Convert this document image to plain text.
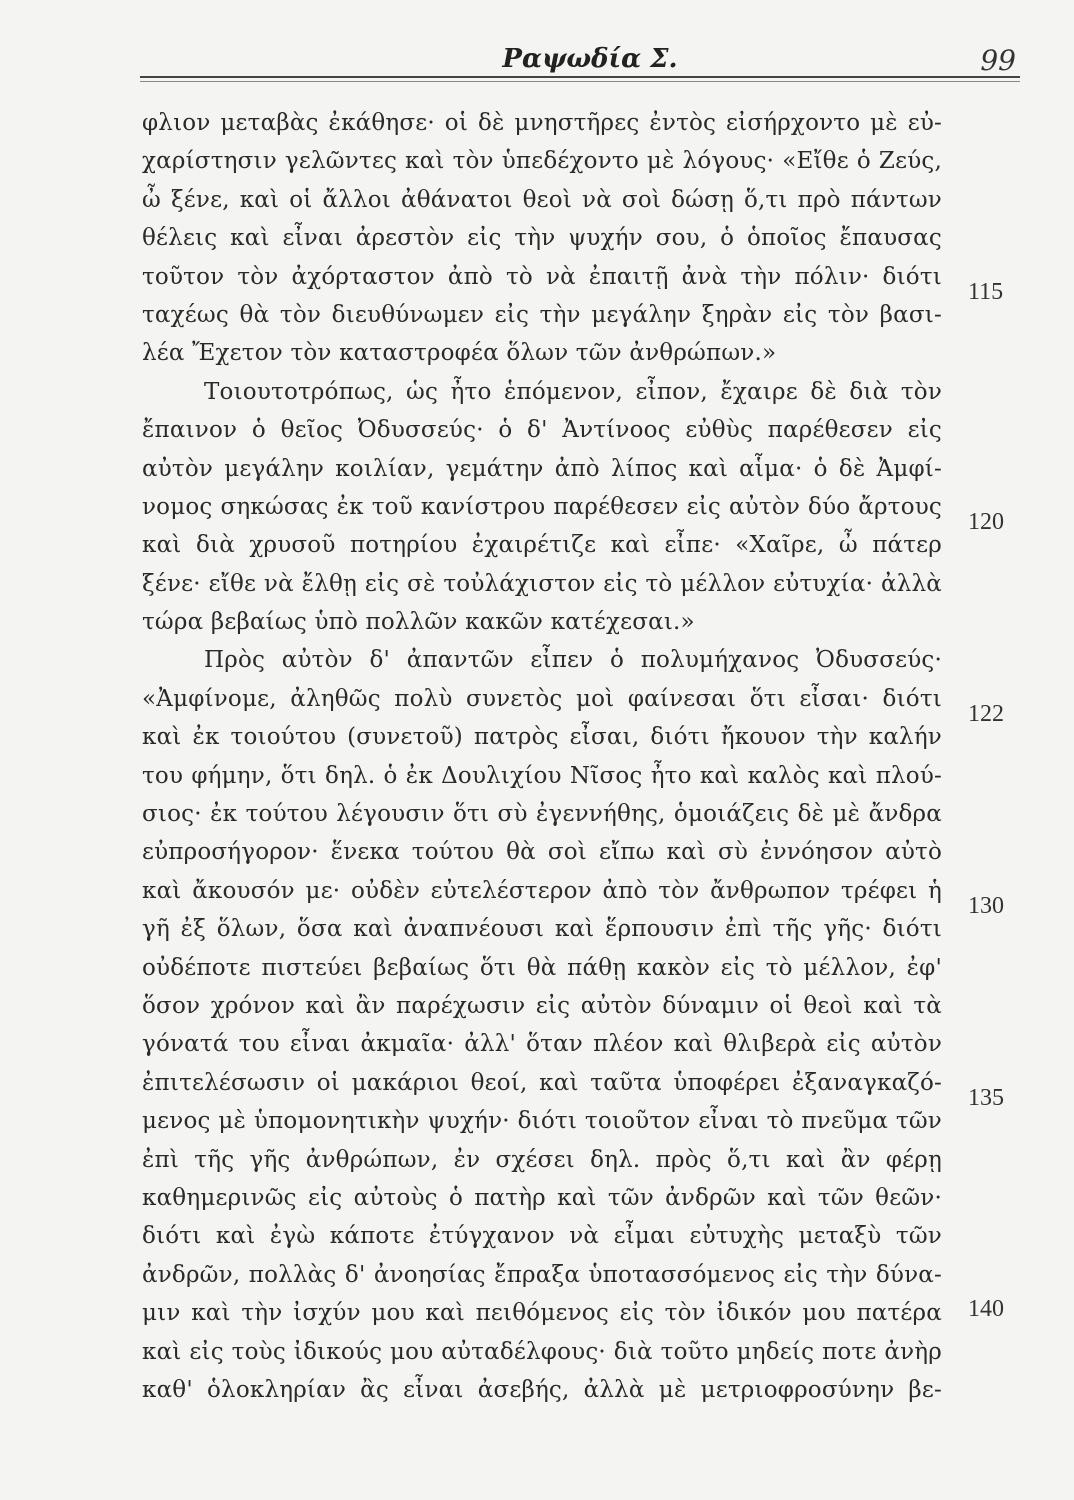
Ραψωδία Σ.	99
φλιον μεταβὰς ἐκάθησε· οἱ δὲ μνηστῆρες ἐντὸς εἰσήρχοντο μὲ εὐ-
χαρίστησιν γελῶντες καὶ τὸν ὑπεδέχοντο μὲ λόγους· «Εἴθε ὁ Ζεύς,
ὦ ξένε, καὶ οἱ ἄλλοι ἀθάνατοι θεοὶ νὰ σοὶ δώσῃ ὅ,τι πρὸ πάντων
θέλεις καὶ εἶναι ἀρεστὸν εἰς τὴν ψυχήν σου, ὁ ὁποῖος ἔπαυσας
τοῦτον τὸν ἀχόρταστον ἀπὸ τὸ νὰ ἐπαιτῇ ἀνὰ τὴν πόλιν· διότι
ταχέως θὰ τὸν διευθύνωμεν εἰς τὴν μεγάλην ξηρὰν εἰς τὸν βασι-
λέα Ἔχετον τὸν καταστροφέα ὅλων τῶν ἀνθρώπων.»
Τοιουτοτρόπως, ὡς ἦτο ἑπόμενον, εἶπον, ἔχαιρε δὲ διὰ τὸν
ἔπαινον ὁ θεῖος Ὀδυσσεύς· ὁ δ' Ἀντίνοος εὐθὺς παρέθεσεν εἰς
αὐτὸν μεγάλην κοιλίαν, γεμάτην ἀπὸ λίπος καὶ αἷμα· ὁ δὲ Ἀμφί-
νομος σηκώσας ἐκ τοῦ κανίστρου παρέθεσεν εἰς αὐτὸν δύο ἄρτους
καὶ διὰ χρυσοῦ ποτηρίου ἐχαιρέτιζε καὶ εἶπε· «Χαῖρε, ὦ πάτερ
ξένε· εἴθε νὰ ἔλθῃ εἰς σὲ τοὐλάχιστον εἰς τὸ μέλλον εὐτυχία· ἀλλὰ
τώρα βεβαίως ὑπὸ πολλῶν κακῶν κατέχεσαι.»
Πρὸς αὐτὸν δ' ἀπαντῶν εἶπεν ὁ πολυμήχανος Ὀδυσσεύς·
«Ἀμφίνομε, ἀληθῶς πολὺ συνετὸς μοὶ φαίνεσαι ὅτι εἶσαι· διότι
καὶ ἐκ τοιούτου (συνετοῦ) πατρὸς εἶσαι, διότι ἤκουον τὴν καλήν
του φήμην, ὅτι δηλ. ὁ ἐκ Δουλιχίου Νῖσος ἦτο καὶ καλὸς καὶ πλού-
σιος· ἐκ τούτου λέγουσιν ὅτι σὺ ἐγεννήθης, ὁμοιάζεις δὲ μὲ ἄνδρα
εὐπροσήγορον· ἕνεκα τούτου θὰ σοὶ εἴπω καὶ σὺ ἐννόησον αὐτὸ
καὶ ἄκουσόν με· οὐδὲν εὐτελέστερον ἀπὸ τὸν ἄνθρωπον τρέφει ἡ
γῆ ἐξ ὅλων, ὅσα καὶ ἀναπνέουσι καὶ ἕρπουσιν ἐπὶ τῆς γῆς· διότι
οὐδέποτε πιστεύει βεβαίως ὅτι θὰ πάθῃ κακὸν εἰς τὸ μέλλον, ἐφ'
ὅσον χρόνον καὶ ἂν παρέχωσιν εἰς αὐτὸν δύναμιν οἱ θεοὶ καὶ τὰ
γόνατά του εἶναι ἀκμαῖα· ἀλλ' ὅταν πλέον καὶ θλιβερὰ εἰς αὐτὸν
ἐπιτελέσωσιν οἱ μακάριοι θεοί, καὶ ταῦτα ὑποφέρει ἐξαναγκαζό-
μενος μὲ ὑπομονητικὴν ψυχήν· διότι τοιοῦτον εἶναι τὸ πνεῦμα τῶν
ἐπὶ τῆς γῆς ἀνθρώπων, ἐν σχέσει δηλ. πρὸς ὅ,τι καὶ ἂν φέρῃ
καθημερινῶς εἰς αὐτοὺς ὁ πατὴρ καὶ τῶν ἀνδρῶν καὶ τῶν θεῶν·
διότι καὶ ἐγὼ κάποτε ἐτύγχανον νὰ εἶμαι εὐτυχὴς μεταξὺ τῶν
ἀνδρῶν, πολλὰς δ' ἀνοησίας ἔπραξα ὑποτασσόμενος εἰς τὴν δύνα-
μιν καὶ τὴν ἰσχύν μου καὶ πειθόμενος εἰς τὸν ἰδικόν μου πατέρα
καὶ εἰς τοὺς ἰδικούς μου αὐταδέλφους· διὰ τοῦτο μηδείς ποτε ἀνὴρ
καθ' ὁλοκληρίαν ἂς εἶναι ἀσεβής, ἀλλὰ μὲ μετριοφροσύνην βε-
115
120
122
130
135
140
